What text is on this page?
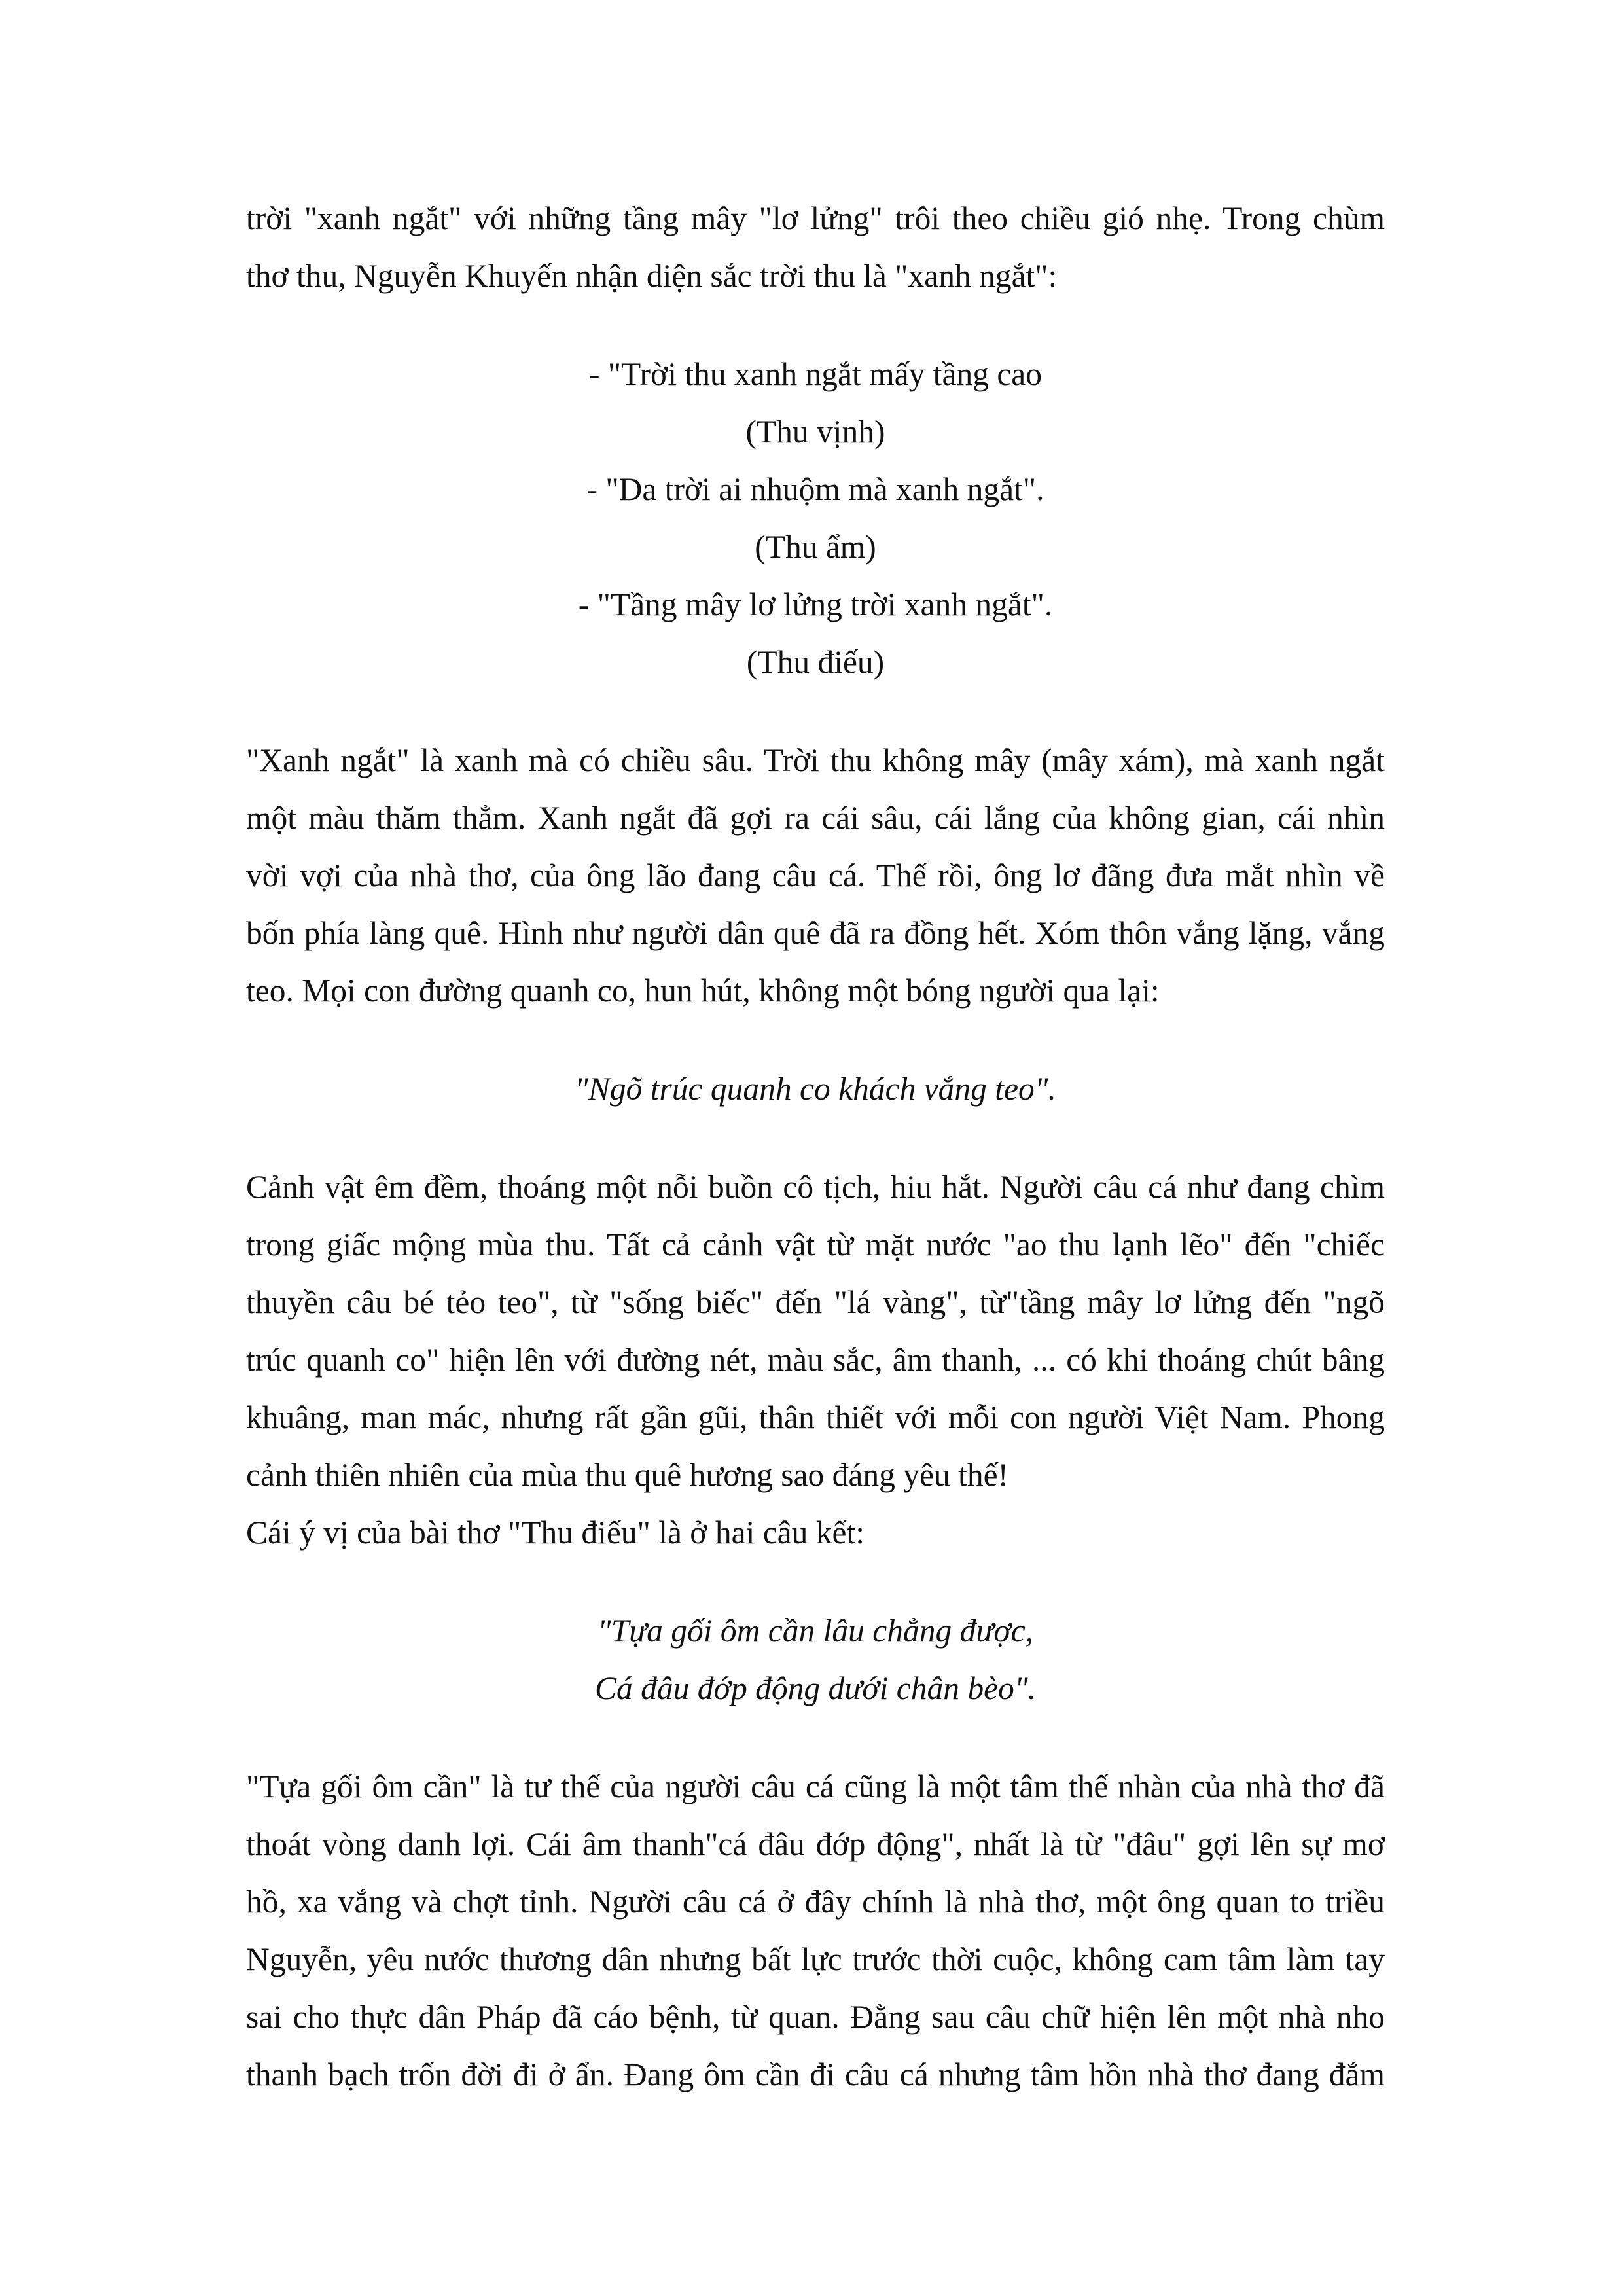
trời "xanh ngắt" với những tầng mây "lơ lửng" trôi theo chiều gió nhẹ. Trong chùm
thơ thu, Nguyễn Khuyến nhận diện sắc trời thu là "xanh ngắt":
- "Trời thu xanh ngắt mấy tầng cao
(Thu vịnh)
- "Da trời ai nhuộm mà xanh ngắt".
(Thu ẩm)
- "Tầng mây lơ lửng trời xanh ngắt".
(Thu điếu)
"Xanh ngắt" là xanh mà có chiều sâu. Trời thu không mây (mây xám), mà xanh ngắt
một màu thăm thẳm. Xanh ngắt đã gợi ra cái sâu, cái lắng của không gian, cái nhìn
vời vợi của nhà thơ, của ông lão đang câu cá. Thế rồi, ông lơ đãng đưa mắt nhìn về
bốn phía làng quê. Hình như người dân quê đã ra đồng hết. Xóm thôn vắng lặng, vắng
teo. Mọi con đường quanh co, hun hút, không một bóng người qua lại:
"Ngõ trúc quanh co khách vắng teo".
Cảnh vật êm đềm, thoáng một nỗi buồn cô tịch, hiu hắt. Người câu cá như đang chìm
trong giấc mộng mùa thu. Tất cả cảnh vật từ mặt nước "ao thu lạnh lẽo" đến "chiếc
thuyền câu bé tẻo teo", từ "sống biếc" đến "lá vàng", từ"tầng mây lơ lửng đến "ngõ
trúc quanh co" hiện lên với đường nét, màu sắc, âm thanh, ... có khi thoáng chút bâng
khuâng, man mác, nhưng rất gần gũi, thân thiết với mỗi con người Việt Nam. Phong
cảnh thiên nhiên của mùa thu quê hương sao đáng yêu thế!
Cái ý vị của bài thơ "Thu điếu" là ở hai câu kết:
"Tựa gối ôm cần lâu chẳng được,
Cá đâu đớp động dưới chân bèo".
"Tựa gối ôm cần" là tư thế của người câu cá cũng là một tâm thế nhàn của nhà thơ đã
thoát vòng danh lợi. Cái âm thanh"cá đâu đớp động", nhất là từ "đâu" gợi lên sự mơ
hồ, xa vắng và chợt tỉnh. Người câu cá ở đây chính là nhà thơ, một ông quan to triều
Nguyễn, yêu nước thương dân nhưng bất lực trước thời cuộc, không cam tâm làm tay
sai cho thực dân Pháp đã cáo bệnh, từ quan. Đằng sau câu chữ hiện lên một nhà nho
thanh bạch trốn đời đi ở ẩn. Đang ôm cần đi câu cá nhưng tâm hồn nhà thơ đang đắm
